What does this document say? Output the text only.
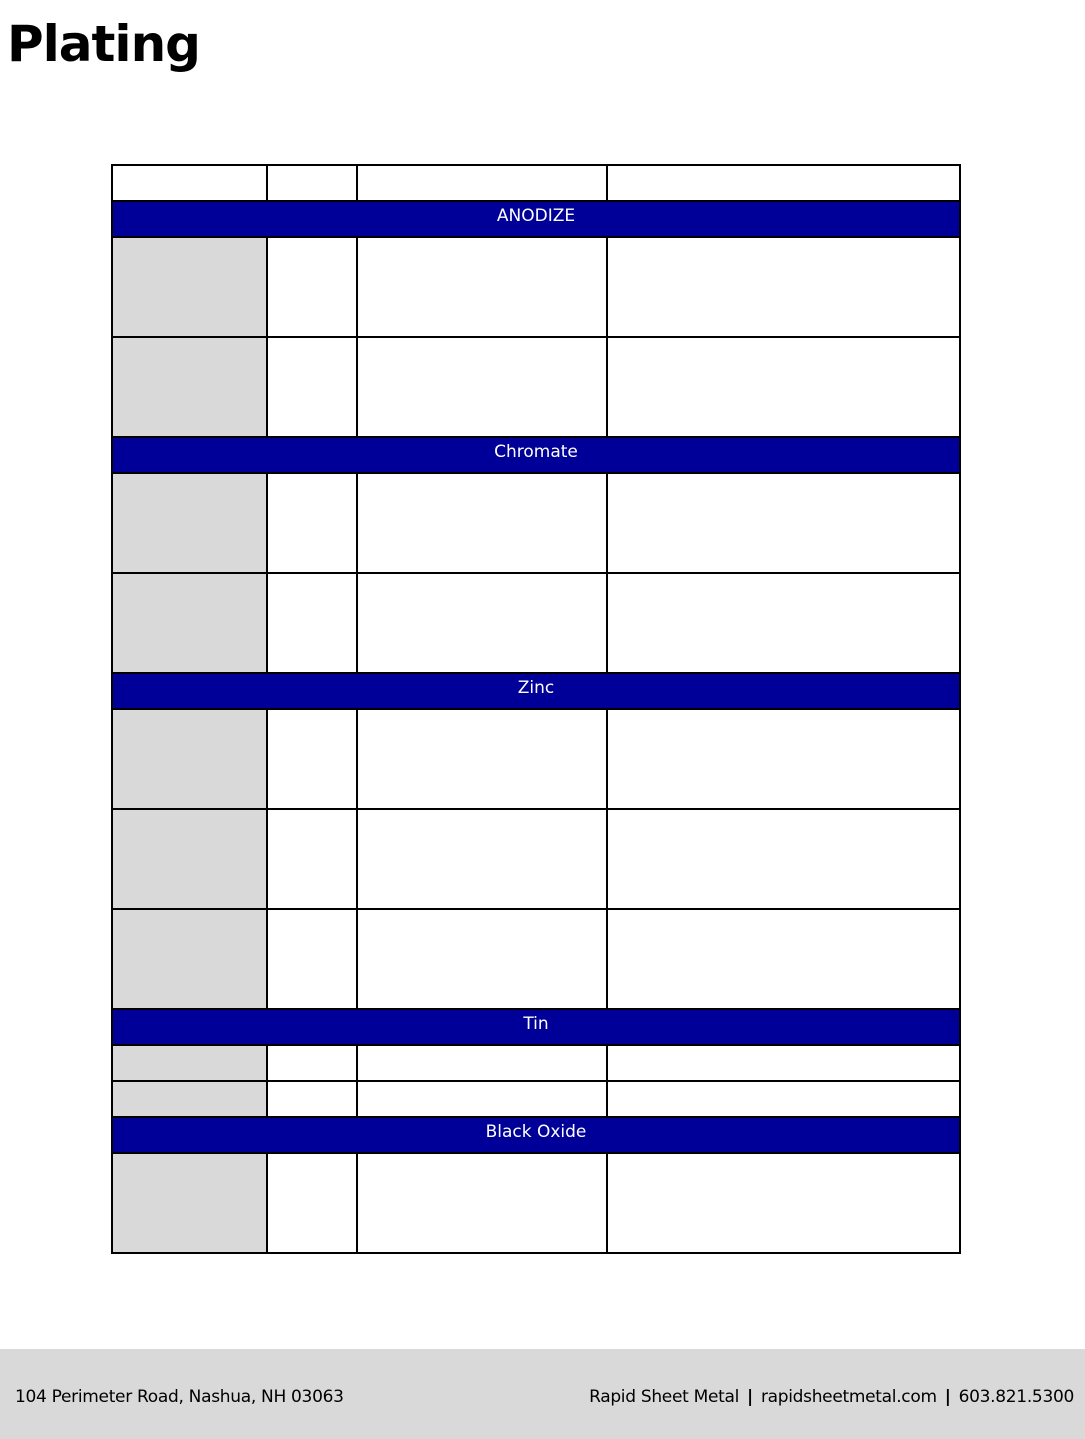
Plating

ANODIZE			

Chromate			

Zinc			

Tin			

Black Oxide			

104 Perimeter Road, Nashua, NH 03063	Rapid Sheet Metal | rapidsheetmetal.com | 603.821.5300
